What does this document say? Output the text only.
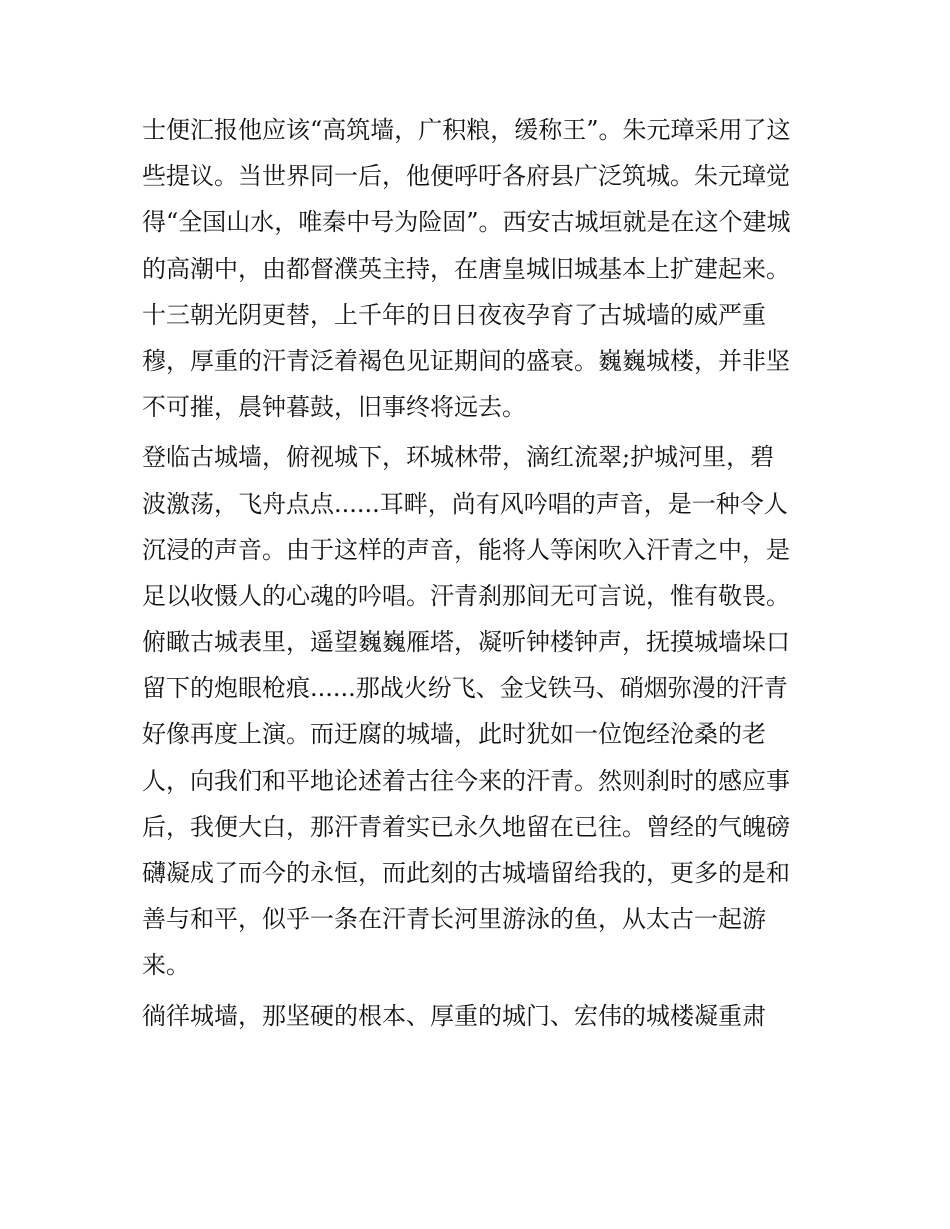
士便汇报他应该“高筑墙，广积粮，缓称王”。朱元璋采用了这
些提议。当世界同一后，他便呼吁各府县广泛筑城。朱元璋觉
得“全国山水，唯秦中号为险固”。西安古城垣就是在这个建城
的高潮中，由都督濮英主持，在唐皇城旧城基本上扩建起来。
十三朝光阴更替，上千年的日日夜夜孕育了古城墙的威严重
穆，厚重的汗青泛着褐色见证期间的盛衰。巍巍城楼，并非坚
不可摧，晨钟暮鼓，旧事终将远去。
登临古城墙，俯视城下，环城林带，滴红流翠;护城河里，碧
波激荡，飞舟点点......耳畔，尚有风吟唱的声音，是一种令人
沉浸的声音。由于这样的声音，能将人等闲吹入汗青之中，是
足以收慑人的心魂的吟唱。汗青刹那间无可言说，惟有敬畏。
俯瞰古城表里，遥望巍巍雁塔，凝听钟楼钟声，抚摸城墙垛口
留下的炮眼枪痕......那战火纷飞、金戈铁马、硝烟弥漫的汗青
好像再度上演。而迂腐的城墙，此时犹如一位饱经沧桑的老
人，向我们和平地论述着古往今来的汗青。然则刹时的感应事
后，我便大白，那汗青着实已永久地留在已往。曾经的气魄磅
礴凝成了而今的永恒，而此刻的古城墙留给我的，更多的是和
善与和平，似乎一条在汗青长河里游泳的鱼，从太古一起游
来。
徜徉城墙，那坚硬的根本、厚重的城门、宏伟的城楼凝重肃
